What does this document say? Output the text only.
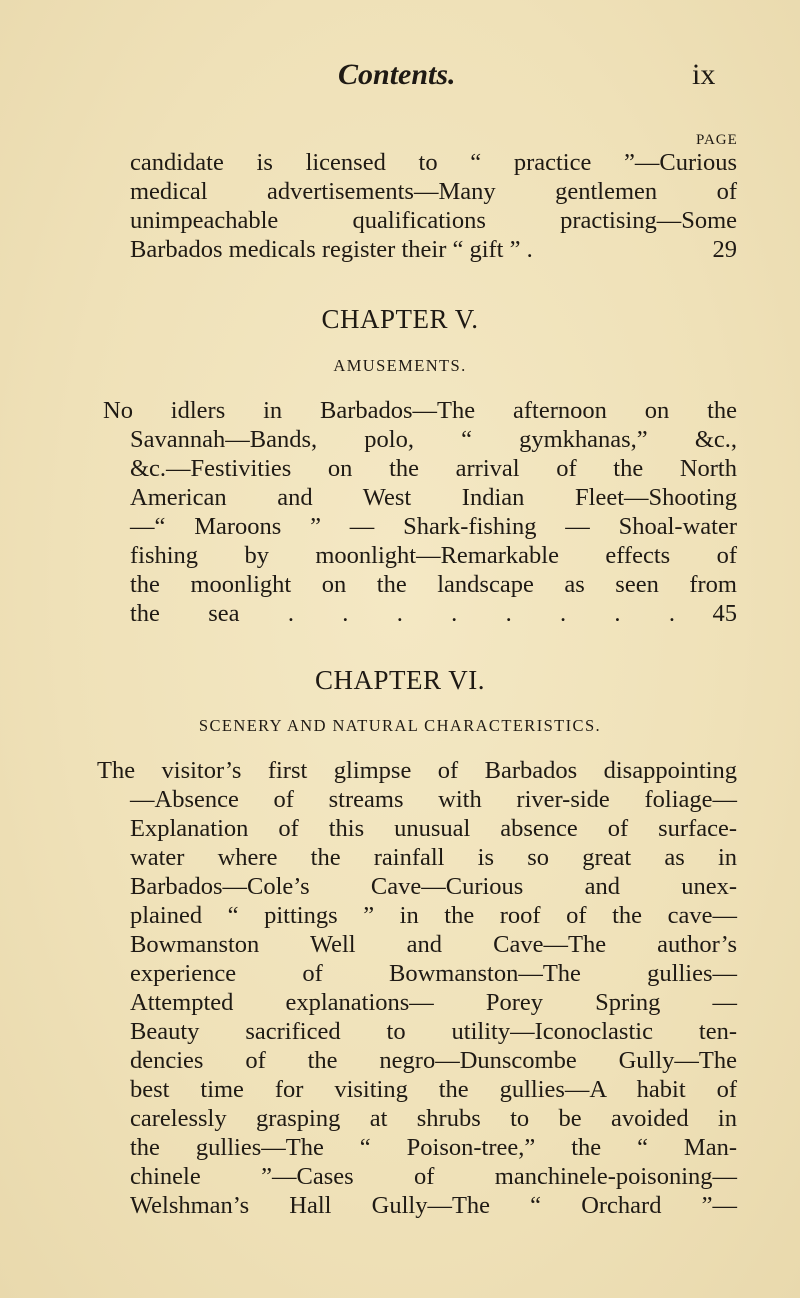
Contents.	ix
PAGE
candidate is licensed to “ practice ”—Curious
medical advertisements—Many gentlemen of
unimpeachable qualifications practising—Some
Barbados medicals register their “ gift ” .	29
CHAPTER V.
AMUSEMENTS.
No idlers in Barbados—The afternoon on the
Savannah—Bands, polo, “ gymkhanas,” &c.,
&c.—Festivities on the arrival of the North
American and West Indian Fleet—Shooting
—“ Maroons ” — Shark-fishing — Shoal-water
fishing by moonlight—Remarkable effects of
the moonlight on the landscape as seen from
the sea . . . . . . . .	45
CHAPTER VI.
SCENERY AND NATURAL CHARACTERISTICS.
The visitor’s first glimpse of Barbados disappointing
—Absence of streams with river-side foliage—
Explanation of this unusual absence of surface-
water where the rainfall is so great as in
Barbados—Cole’s Cave—Curious and unex-
plained “ pittings ” in the roof of the cave—
Bowmanston Well and Cave—The author’s
experience of Bowmanston—The gullies—
Attempted explanations— Porey Spring —
Beauty sacrificed to utility—Iconoclastic ten-
dencies of the negro—Dunscombe Gully—The
best time for visiting the gullies—A habit of
carelessly grasping at shrubs to be avoided in
the gullies—The “ Poison-tree,” the “ Man-
chinele ”—Cases of manchinele-poisoning—
Welshman’s Hall Gully—The “ Orchard ”—
